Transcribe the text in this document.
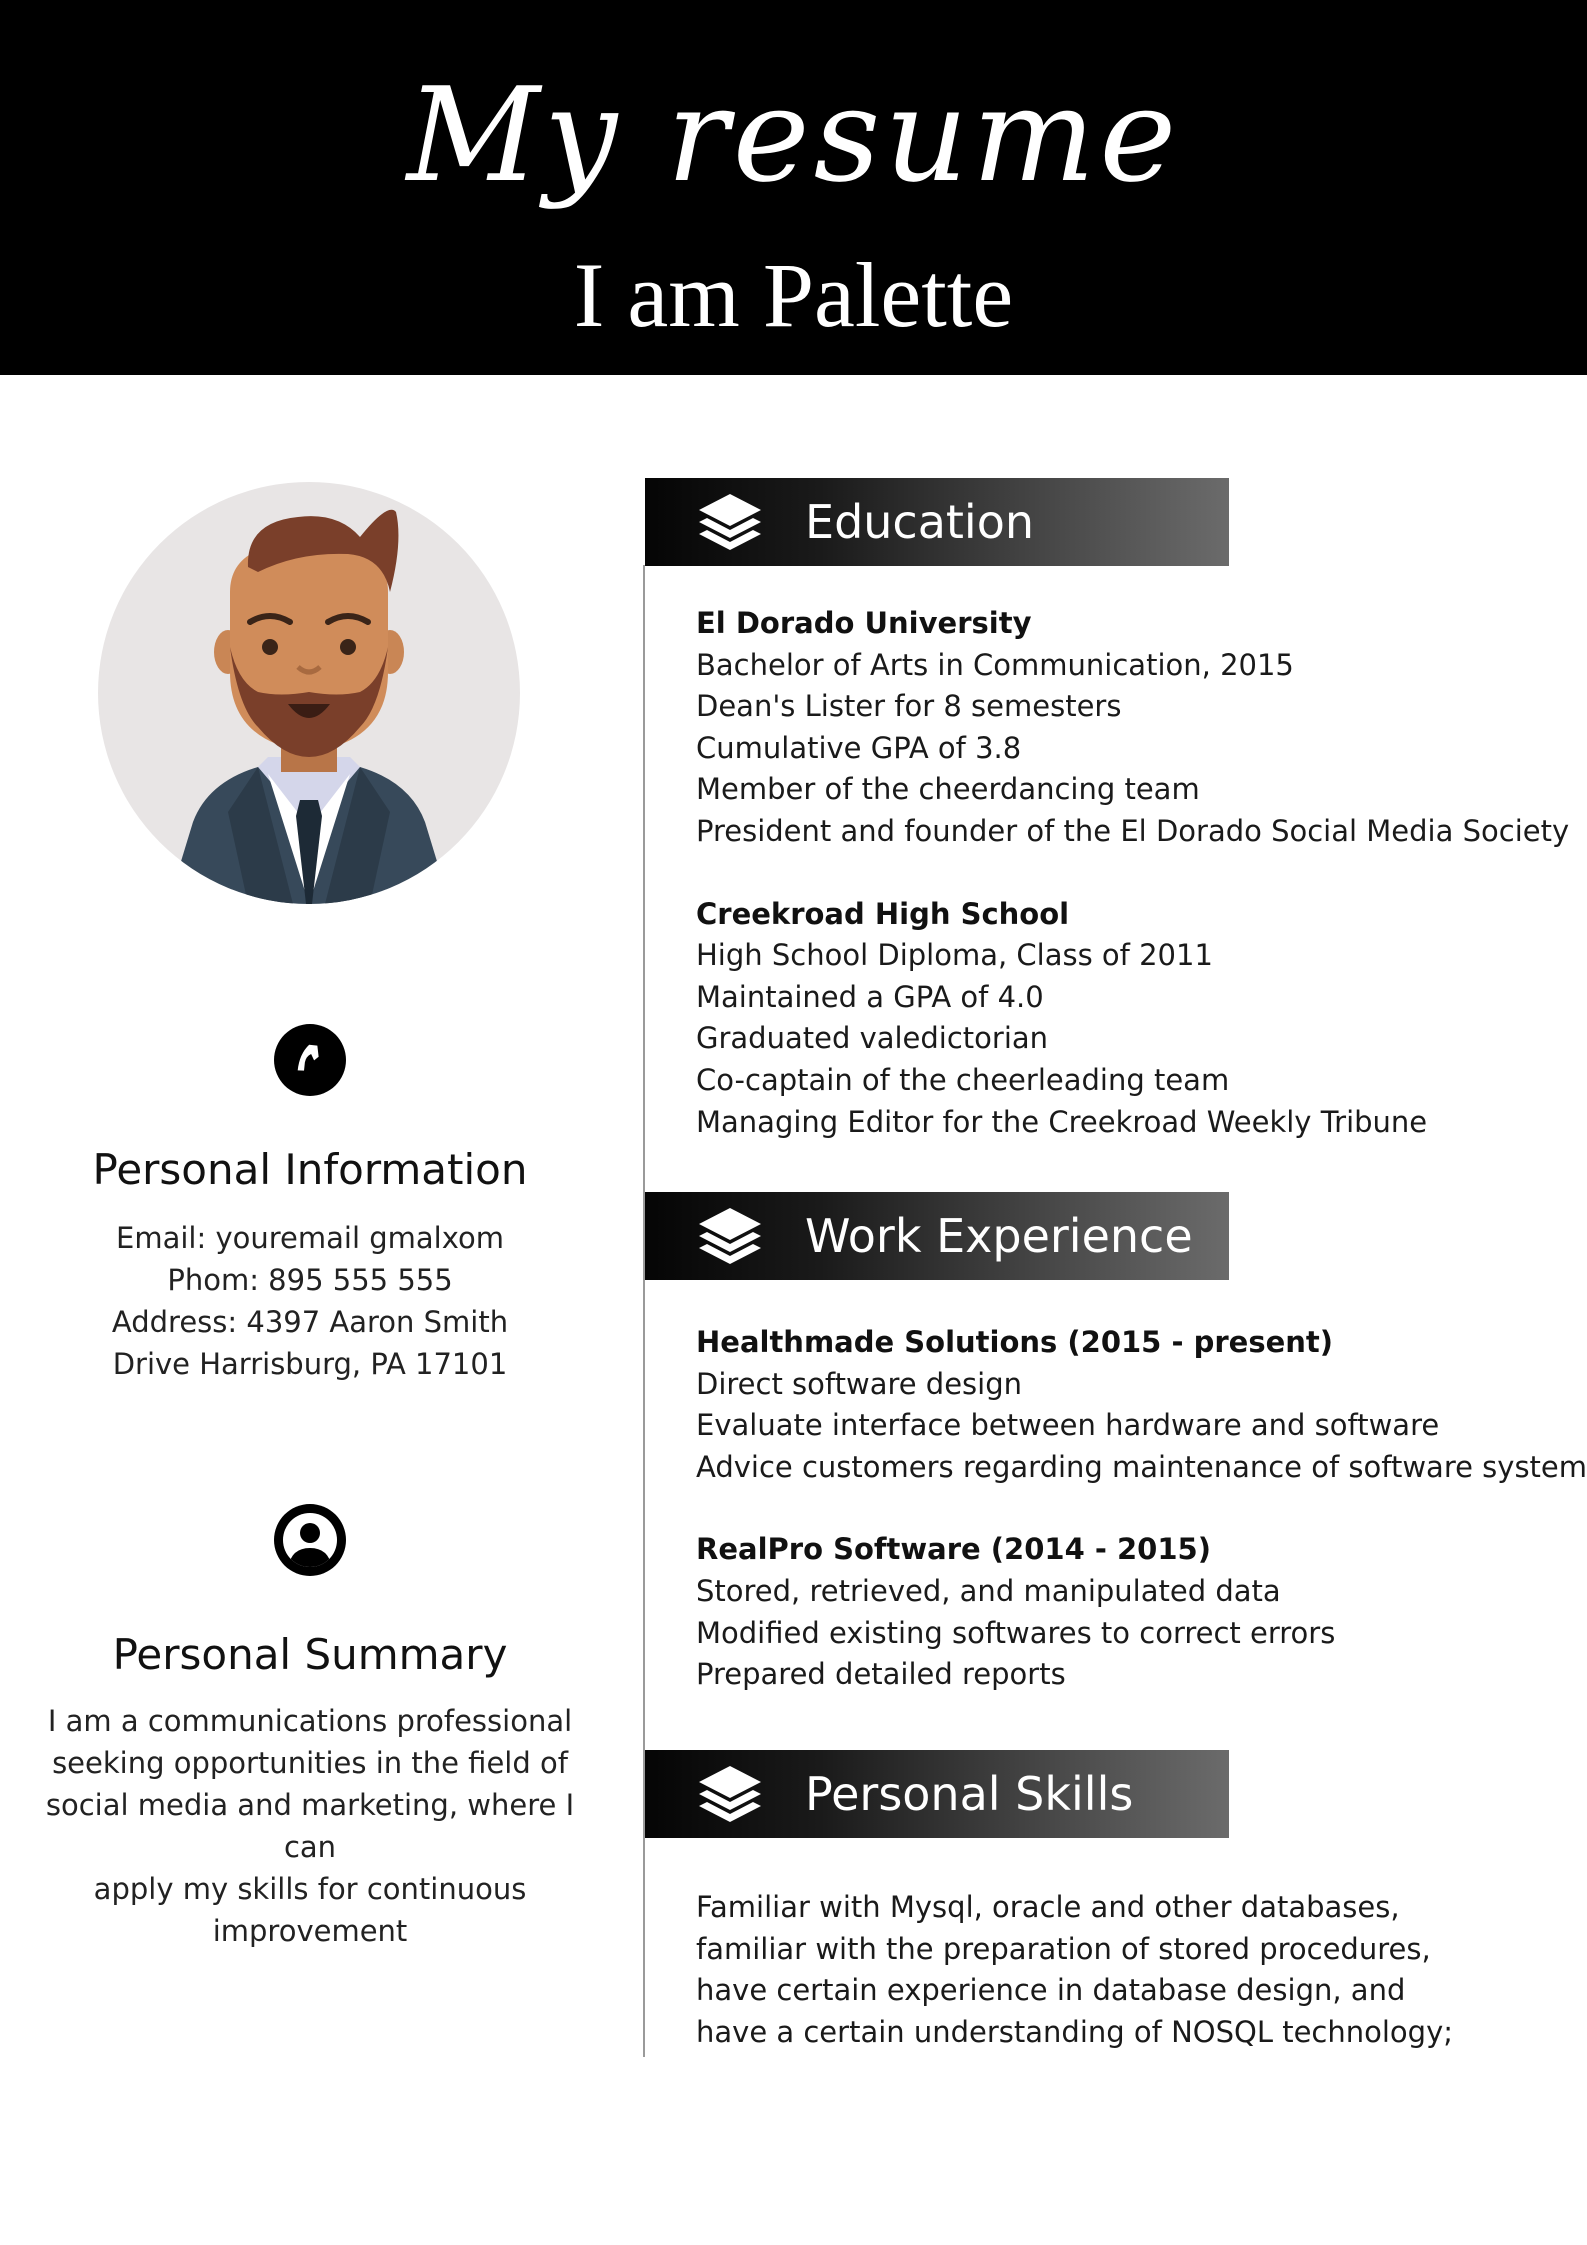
My resume
I am Palette
Personal Information
Email: youremail gmalxom
Phom: 895 555 555
Address: 4397 Aaron Smith
Drive Harrisburg, PA 17101
Personal Summary
I am a communications professional
seeking opportunities in the field of
social media and marketing, where I can
apply my skills for continuous
improvement
Education
El Dorado University
Bachelor of Arts in Communication, 2015
Dean's Lister for 8 semesters
Cumulative GPA of 3.8
Member of the cheerdancing team
President and founder of the El Dorado Social Media Society
Creekroad High School
High School Diploma, Class of 2011
Maintained a GPA of 4.0
Graduated valedictorian
Co-captain of the cheerleading team
Managing Editor for the Creekroad Weekly Tribune
Work Experience
Healthmade Solutions (2015 - present)
Direct software design
Evaluate interface between hardware and software
Advice customers regarding maintenance of software system
RealPro Software (2014 - 2015)
Stored, retrieved, and manipulated data
Modified existing softwares to correct errors
Prepared detailed reports
Personal Skills
Familiar with Mysql, oracle and other databases, familiar with the preparation of stored procedures, have certain experience in database design, and have a certain understanding of NOSQL technology;
